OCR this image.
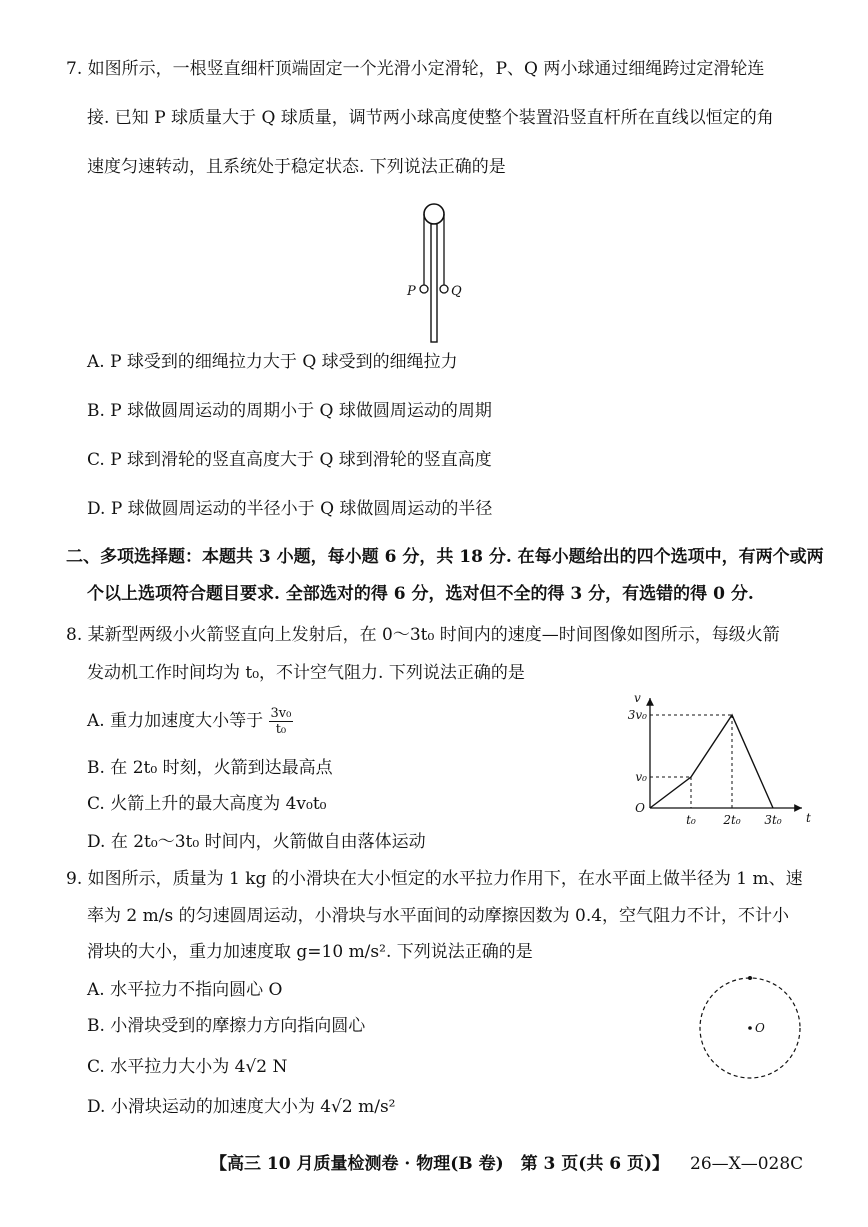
7. 如图所示，一根竖直细杆顶端固定一个光滑小定滑轮，P、Q 两小球通过细绳跨过定滑轮连
接. 已知 P 球质量大于 Q 球质量，调节两小球高度使整个装置沿竖直杆所在直线以恒定的角
速度匀速转动，且系统处于稳定状态. 下列说法正确的是
P	Q
A. P 球受到的细绳拉力大于 Q 球受到的细绳拉力
B. P 球做圆周运动的周期小于 Q 球做圆周运动的周期
C. P 球到滑轮的竖直高度大于 Q 球到滑轮的竖直高度
D. P 球做圆周运动的半径小于 Q 球做圆周运动的半径
二、多项选择题：本题共 3 小题，每小题 6 分，共 18 分. 在每小题给出的四个选项中，有两个或两
个以上选项符合题目要求. 全部选对的得 6 分，选对但不全的得 3 分，有选错的得 0 分.
8. 某新型两级小火箭竖直向上发射后，在 0～3t₀ 时间内的速度—时间图像如图所示，每级火箭
发动机工作时间均为 t₀，不计空气阻力. 下列说法正确的是
A. 重力加速度大小等于 $\frac{\text{3v₀}}{\text{t₀}}$
B. 在 2t₀ 时刻，火箭到达最高点
C. 火箭上升的最大高度为 4v₀t₀
D. 在 2t₀～3t₀ 时间内，火箭做自由落体运动
v
t
O
t₀ 2t₀ 3t₀
v₀
3v₀
9. 如图所示，质量为 1 kg 的小滑块在大小恒定的水平拉力作用下，在水平面上做半径为 1 m、速
率为 2 m/s 的匀速圆周运动，小滑块与水平面间的动摩擦因数为 0.4，空气阻力不计，不计小
滑块的大小，重力加速度取 g=10 m/s². 下列说法正确的是
A. 水平拉力不指向圆心 O
B. 小滑块受到的摩擦力方向指向圆心
C. 水平拉力大小为 4√2 N
D. 小滑块运动的加速度大小为 4√2 m/s²
O
【高三 10 月质量检测卷 · 物理(B 卷)　第 3 页(共 6 页)】 26—X—028C
